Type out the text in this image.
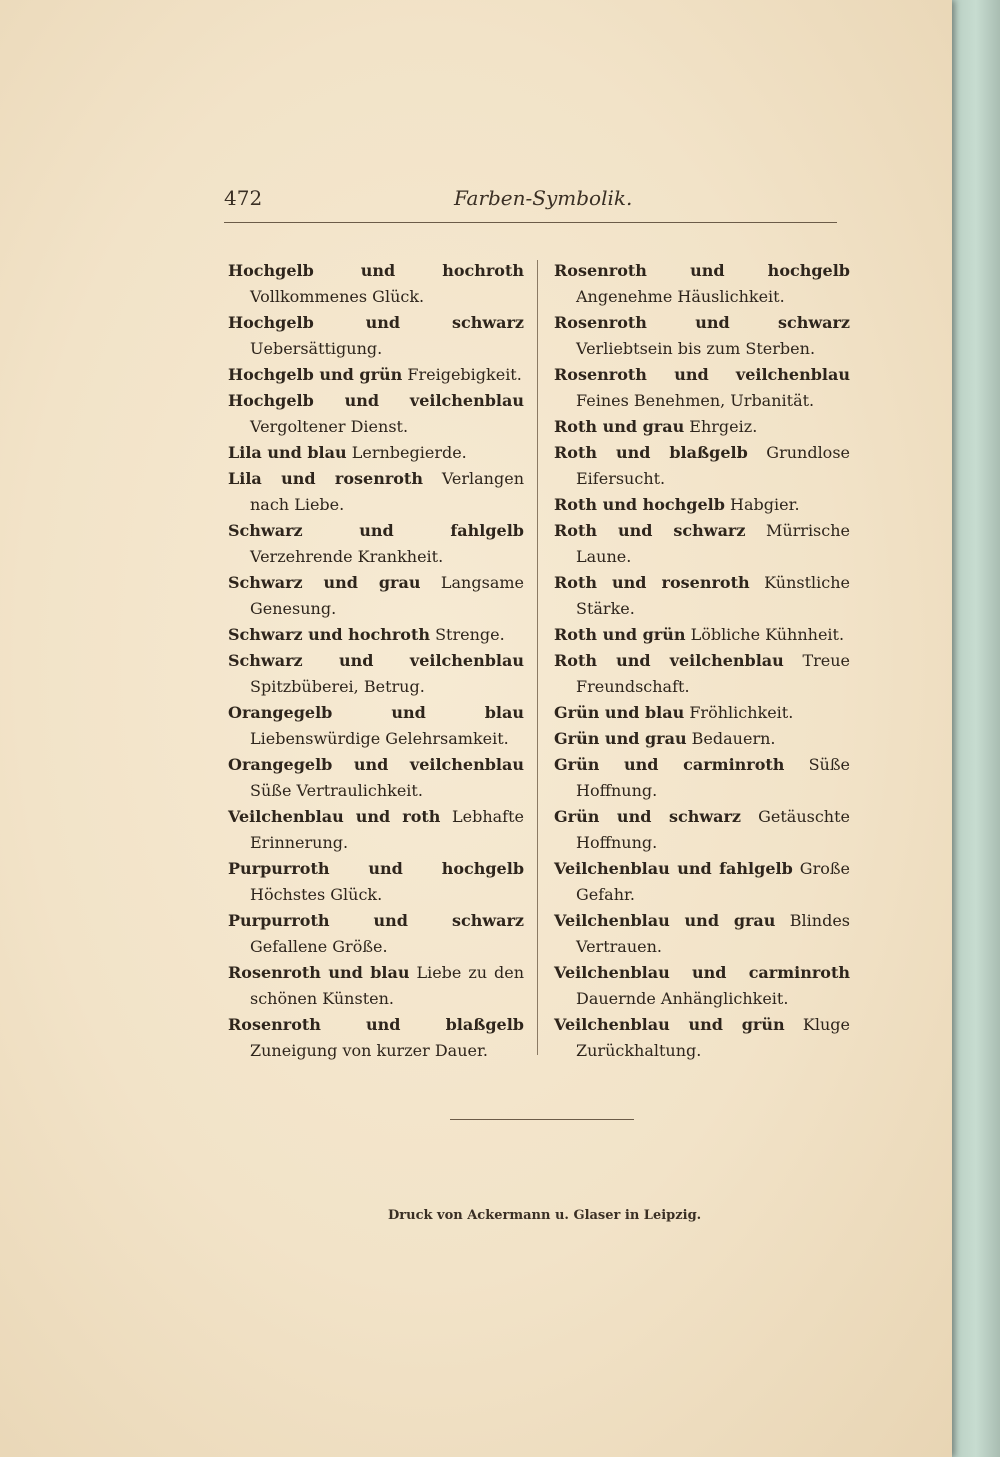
472	Farben-Symbolik.

Hochgelb und hochroth Vollkommenes Glück.

Hochgelb und schwarz Uebersättigung.

Hochgelb und grün Freigebigkeit.

Hochgelb und veilchenblau Vergoltener Dienst.

Lila und blau Lernbegierde.

Lila und rosenroth Verlangen nach Liebe.

Schwarz und fahlgelb Verzehrende Krankheit.

Schwarz und grau Langsame Genesung.

Schwarz und hochroth Strenge.

Schwarz und veilchenblau Spitzbüberei, Betrug.

Orangegelb und blau Liebenswürdige Gelehrsamkeit.

Orangegelb und veilchenblau Süße Vertraulichkeit.

Veilchenblau und roth Lebhafte Erinnerung.

Purpurroth und hochgelb Höchstes Glück.

Purpurroth und schwarz Gefallene Größe.

Rosenroth und blau Liebe zu den schönen Künsten.

Rosenroth und blaßgelb Zuneigung von kurzer Dauer.

Rosenroth und hochgelb Angenehme Häuslichkeit.

Rosenroth und schwarz Verliebtsein bis zum Sterben.

Rosenroth und veilchenblau Feines Benehmen, Urbanität.

Roth und grau Ehrgeiz.

Roth und blaßgelb Grundlose Eifersucht.

Roth und hochgelb Habgier.

Roth und schwarz Mürrische Laune.

Roth und rosenroth Künstliche Stärke.

Roth und grün Löbliche Kühnheit.

Roth und veilchenblau Treue Freundschaft.

Grün und blau Fröhlichkeit.

Grün und grau Bedauern.

Grün und carminroth Süße Hoffnung.

Grün und schwarz Getäuschte Hoffnung.

Veilchenblau und fahlgelb Große Gefahr.

Veilchenblau und grau Blindes Vertrauen.

Veilchenblau und carminroth Dauernde Anhänglichkeit.

Veilchenblau und grün Kluge Zurückhaltung.

Druck von Ackermann u. Glaser in Leipzig.
